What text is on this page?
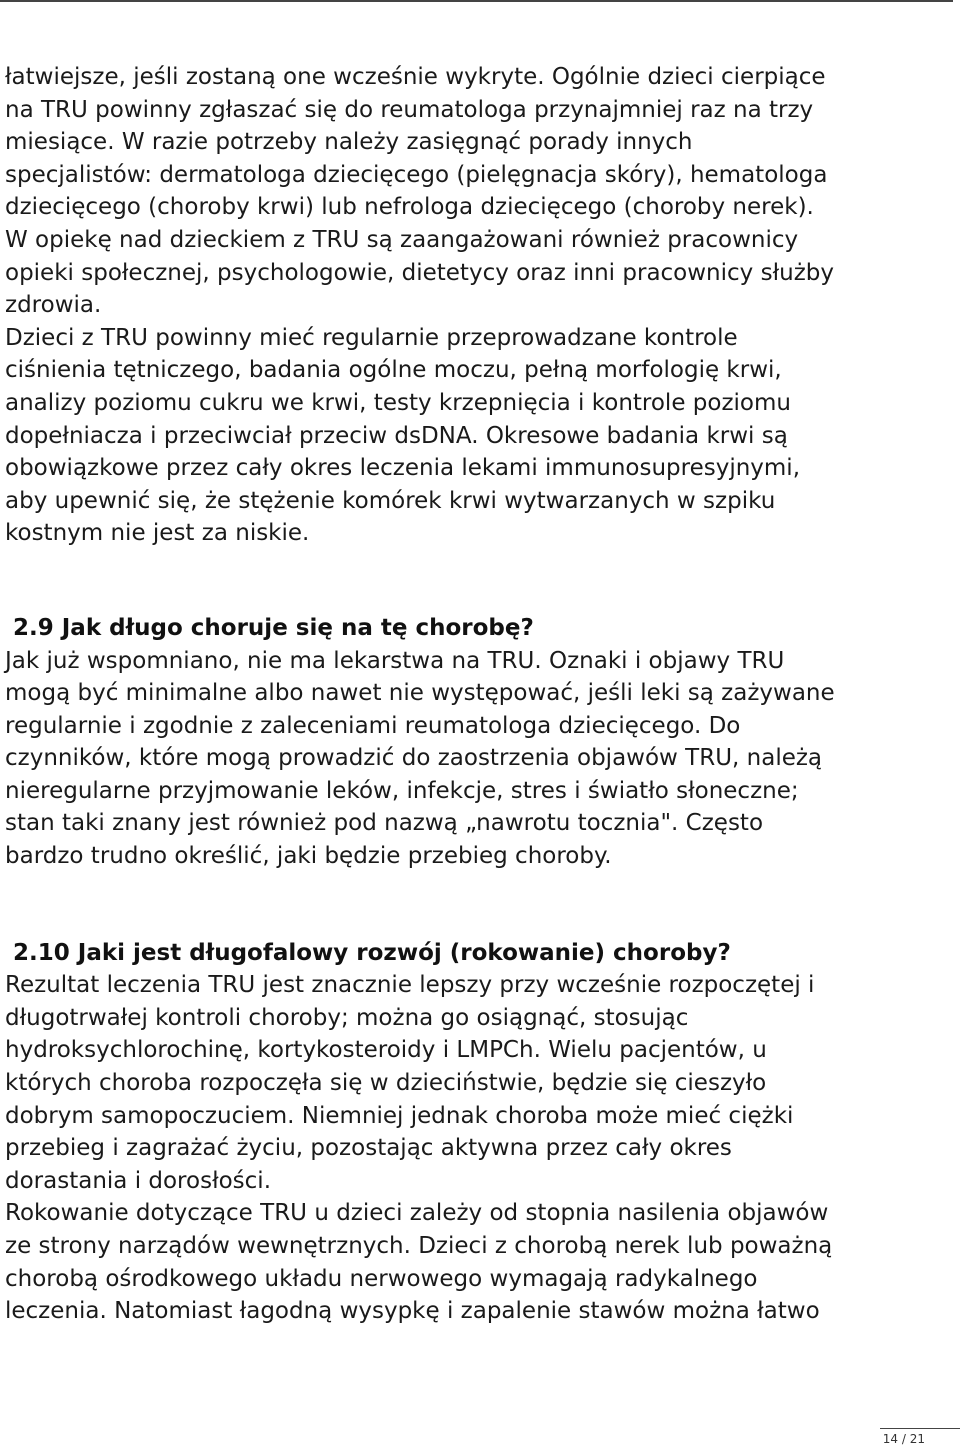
łatwiejsze, jeśli zostaną one wcześnie wykryte. Ogólnie dzieci cierpiące
na TRU powinny zgłaszać się do reumatologa przynajmniej raz na trzy
miesiące. W razie potrzeby należy zasięgnąć porady innych
specjalistów: dermatologa dziecięcego (pielęgnacja skóry), hematologa
dziecięcego (choroby krwi) lub nefrologa dziecięcego (choroby nerek).
W opiekę nad dzieckiem z TRU są zaangażowani również pracownicy
opieki społecznej, psychologowie, dietetycy oraz inni pracownicy służby
zdrowia.
Dzieci z TRU powinny mieć regularnie przeprowadzane kontrole
ciśnienia tętniczego, badania ogólne moczu, pełną morfologię krwi,
analizy poziomu cukru we krwi, testy krzepnięcia i kontrole poziomu
dopełniacza i przeciwciał przeciw dsDNA. Okresowe badania krwi są
obowiązkowe przez cały okres leczenia lekami immunosupresyjnymi,
aby upewnić się, że stężenie komórek krwi wytwarzanych w szpiku
kostnym nie jest za niskie.
2.9 Jak długo choruje się na tę chorobę?
Jak już wspomniano, nie ma lekarstwa na TRU. Oznaki i objawy TRU
mogą być minimalne albo nawet nie występować, jeśli leki są zażywane
regularnie i zgodnie z zaleceniami reumatologa dziecięcego. Do
czynników, które mogą prowadzić do zaostrzenia objawów TRU, należą
nieregularne przyjmowanie leków, infekcje, stres i światło słoneczne;
stan taki znany jest również pod nazwą „nawrotu tocznia". Często
bardzo trudno określić, jaki będzie przebieg choroby.
2.10 Jaki jest długofalowy rozwój (rokowanie) choroby?
Rezultat leczenia TRU jest znacznie lepszy przy wcześnie rozpoczętej i
długotrwałej kontroli choroby; można go osiągnąć, stosując
hydroksychlorochinę, kortykosteroidy i LMPCh. Wielu pacjentów, u
których choroba rozpoczęła się w dzieciństwie, będzie się cieszyło
dobrym samopoczuciem. Niemniej jednak choroba może mieć ciężki
przebieg i zagrażać życiu, pozostając aktywna przez cały okres
dorastania i dorosłości.
Rokowanie dotyczące TRU u dzieci zależy od stopnia nasilenia objawów
ze strony narządów wewnętrznych. Dzieci z chorobą nerek lub poważną
chorobą ośrodkowego układu nerwowego wymagają radykalnego
leczenia. Natomiast łagodną wysypkę i zapalenie stawów można łatwo
14 / 21
